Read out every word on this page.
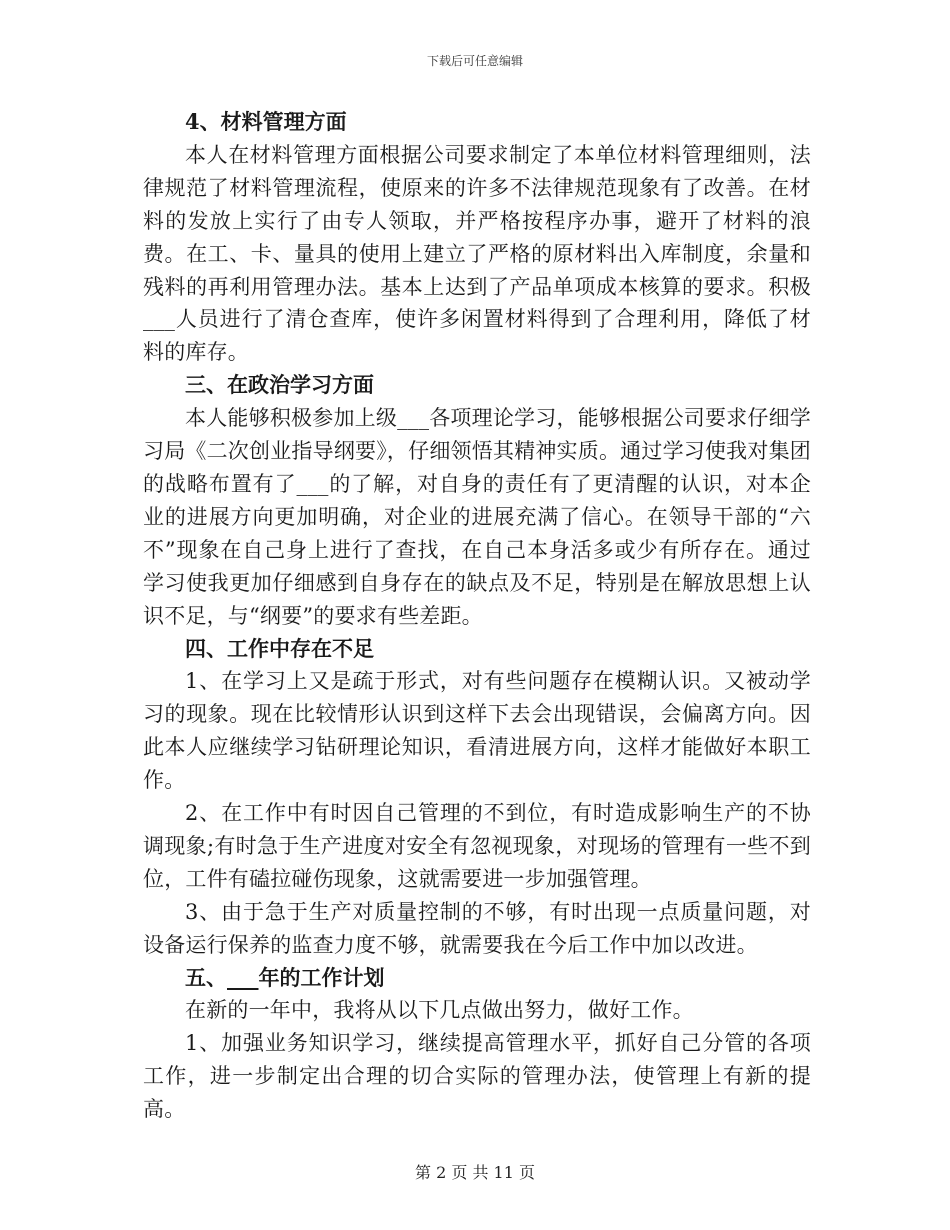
下载后可任意编辑

4、材料管理方面

本人在材料管理方面根据公司要求制定了本单位材料管理细则，法律规范了材料管理流程，使原来的许多不法律规范现象有了改善。在材料的发放上实行了由专人领取，并严格按程序办事，避开了材料的浪费。在工、卡、量具的使用上建立了严格的原材料出入库制度，余量和残料的再利用管理办法。基本上达到了产品单项成本核算的要求。积极___人员进行了清仓查库，使许多闲置材料得到了合理利用，降低了材料的库存。

三、在政治学习方面

本人能够积极参加上级___各项理论学习，能够根据公司要求仔细学习局《二次创业指导纲要》，仔细领悟其精神实质。通过学习使我对集团的战略布置有了___的了解，对自身的责任有了更清醒的认识，对本企业的进展方向更加明确，对企业的进展充满了信心。在领导干部的“六不”现象在自己身上进行了查找，在自己本身活多或少有所存在。通过学习使我更加仔细感到自身存在的缺点及不足，特别是在解放思想上认识不足，与“纲要”的要求有些差距。

四、工作中存在不足

1、在学习上又是疏于形式，对有些问题存在模糊认识。又被动学习的现象。现在比较情形认识到这样下去会出现错误，会偏离方向。因此本人应继续学习钻研理论知识，看清进展方向，这样才能做好本职工作。

2、在工作中有时因自己管理的不到位，有时造成影响生产的不协调现象;有时急于生产进度对安全有忽视现象，对现场的管理有一些不到位，工件有磕拉碰伤现象，这就需要进一步加强管理。

3、由于急于生产对质量控制的不够，有时出现一点质量问题，对设备运行保养的监查力度不够，就需要我在今后工作中加以改进。

五、___年的工作计划

在新的一年中，我将从以下几点做出努力，做好工作。

1、加强业务知识学习，继续提高管理水平，抓好自己分管的各项工作，进一步制定出合理的切合实际的管理办法，使管理上有新的提高。

第 2 页 共 11 页
